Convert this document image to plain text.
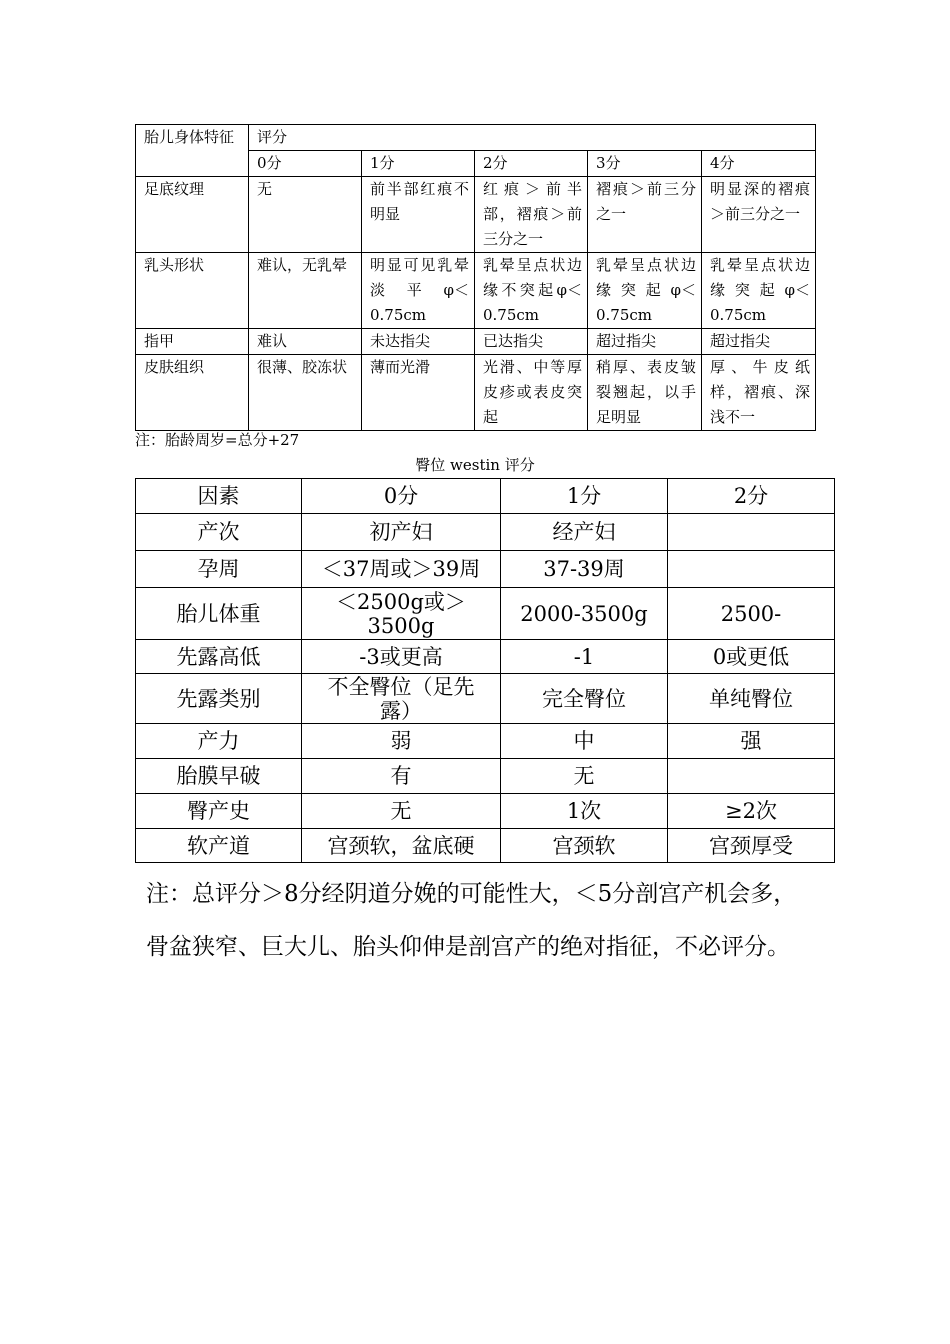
胎儿身体特征	评分				
	0分	1分	2分	3分	4分
足底纹理	无	前半部红痕不明显	红痕＞前半部，褶痕＞前三分之一	褶痕＞前三分之一	明显深的褶痕＞前三分之一
乳头形状	难认，无乳晕	明显可见乳晕淡平φ＜0.75cm	乳晕呈点状边缘不突起φ＜0.75cm	乳晕呈点状边缘突起φ＜0.75cm	乳晕呈点状边缘突起φ＜0.75cm
指甲	难认	未达指尖	已达指尖	超过指尖	超过指尖
皮肤组织	很薄、胶冻状	薄而光滑	光滑、中等厚皮疹或表皮突起	稍厚、表皮皱裂翘起，以手足明显	厚、牛皮纸样，褶痕、深浅不一
注：胎龄周岁=总分+27
臀位 westin 评分
因素	0分	1分	2分
产次	初产妇	经产妇	
孕周	＜37周或＞39周	37-39周	
胎儿体重	＜2500g或＞3500g	2000-3500g	2500-
先露高低	-3或更高	-1	0或更低
先露类别	不全臀位（足先露）	完全臀位	单纯臀位
产力	弱	中	强
胎膜早破	有	无	
臀产史	无	1次	≥2次
软产道	宫颈软，盆底硬	宫颈软	宫颈厚受

注：总评分＞8分经阴道分娩的可能性大，＜5分剖宫产机会多，骨盆狭窄、巨大儿、胎头仰伸是剖宫产的绝对指征，不必评分。
